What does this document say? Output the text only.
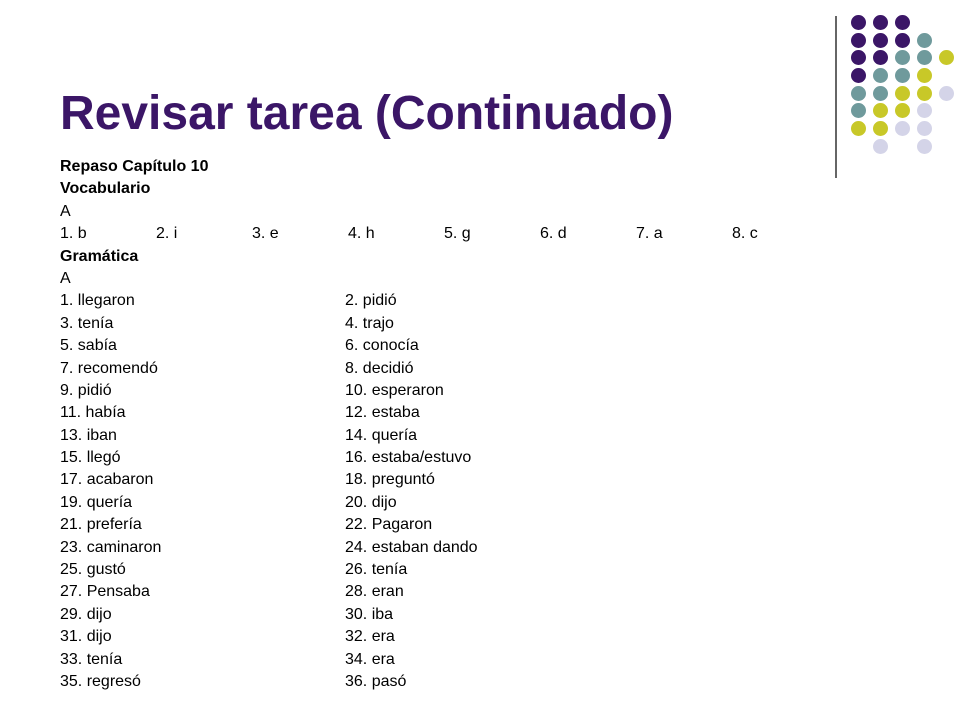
Revisar tarea (Continuado)
Repaso Capítulo 10
Vocabulario
A
1. b	2. i	3. e	4. h	5. g	6. d	7. a	8. c
Gramática
A
1. llegaron	2. pidió
3. tenía	4. trajo
5. sabía	6. conocía
7. recomendó	8. decidió
9. pidió	10. esperaron
11. había	12. estaba
13. iban	14. quería
15. llegó	16. estaba/estuvo
17. acabaron	18. preguntó
19. quería	20. dijo
21. prefería	22. Pagaron
23. caminaron	24. estaban dando
25. gustó	26. tenía
27. Pensaba	28. eran
29. dijo	30. iba
31. dijo	32. era
33. tenía	34. era
35. regresó	36. pasó
